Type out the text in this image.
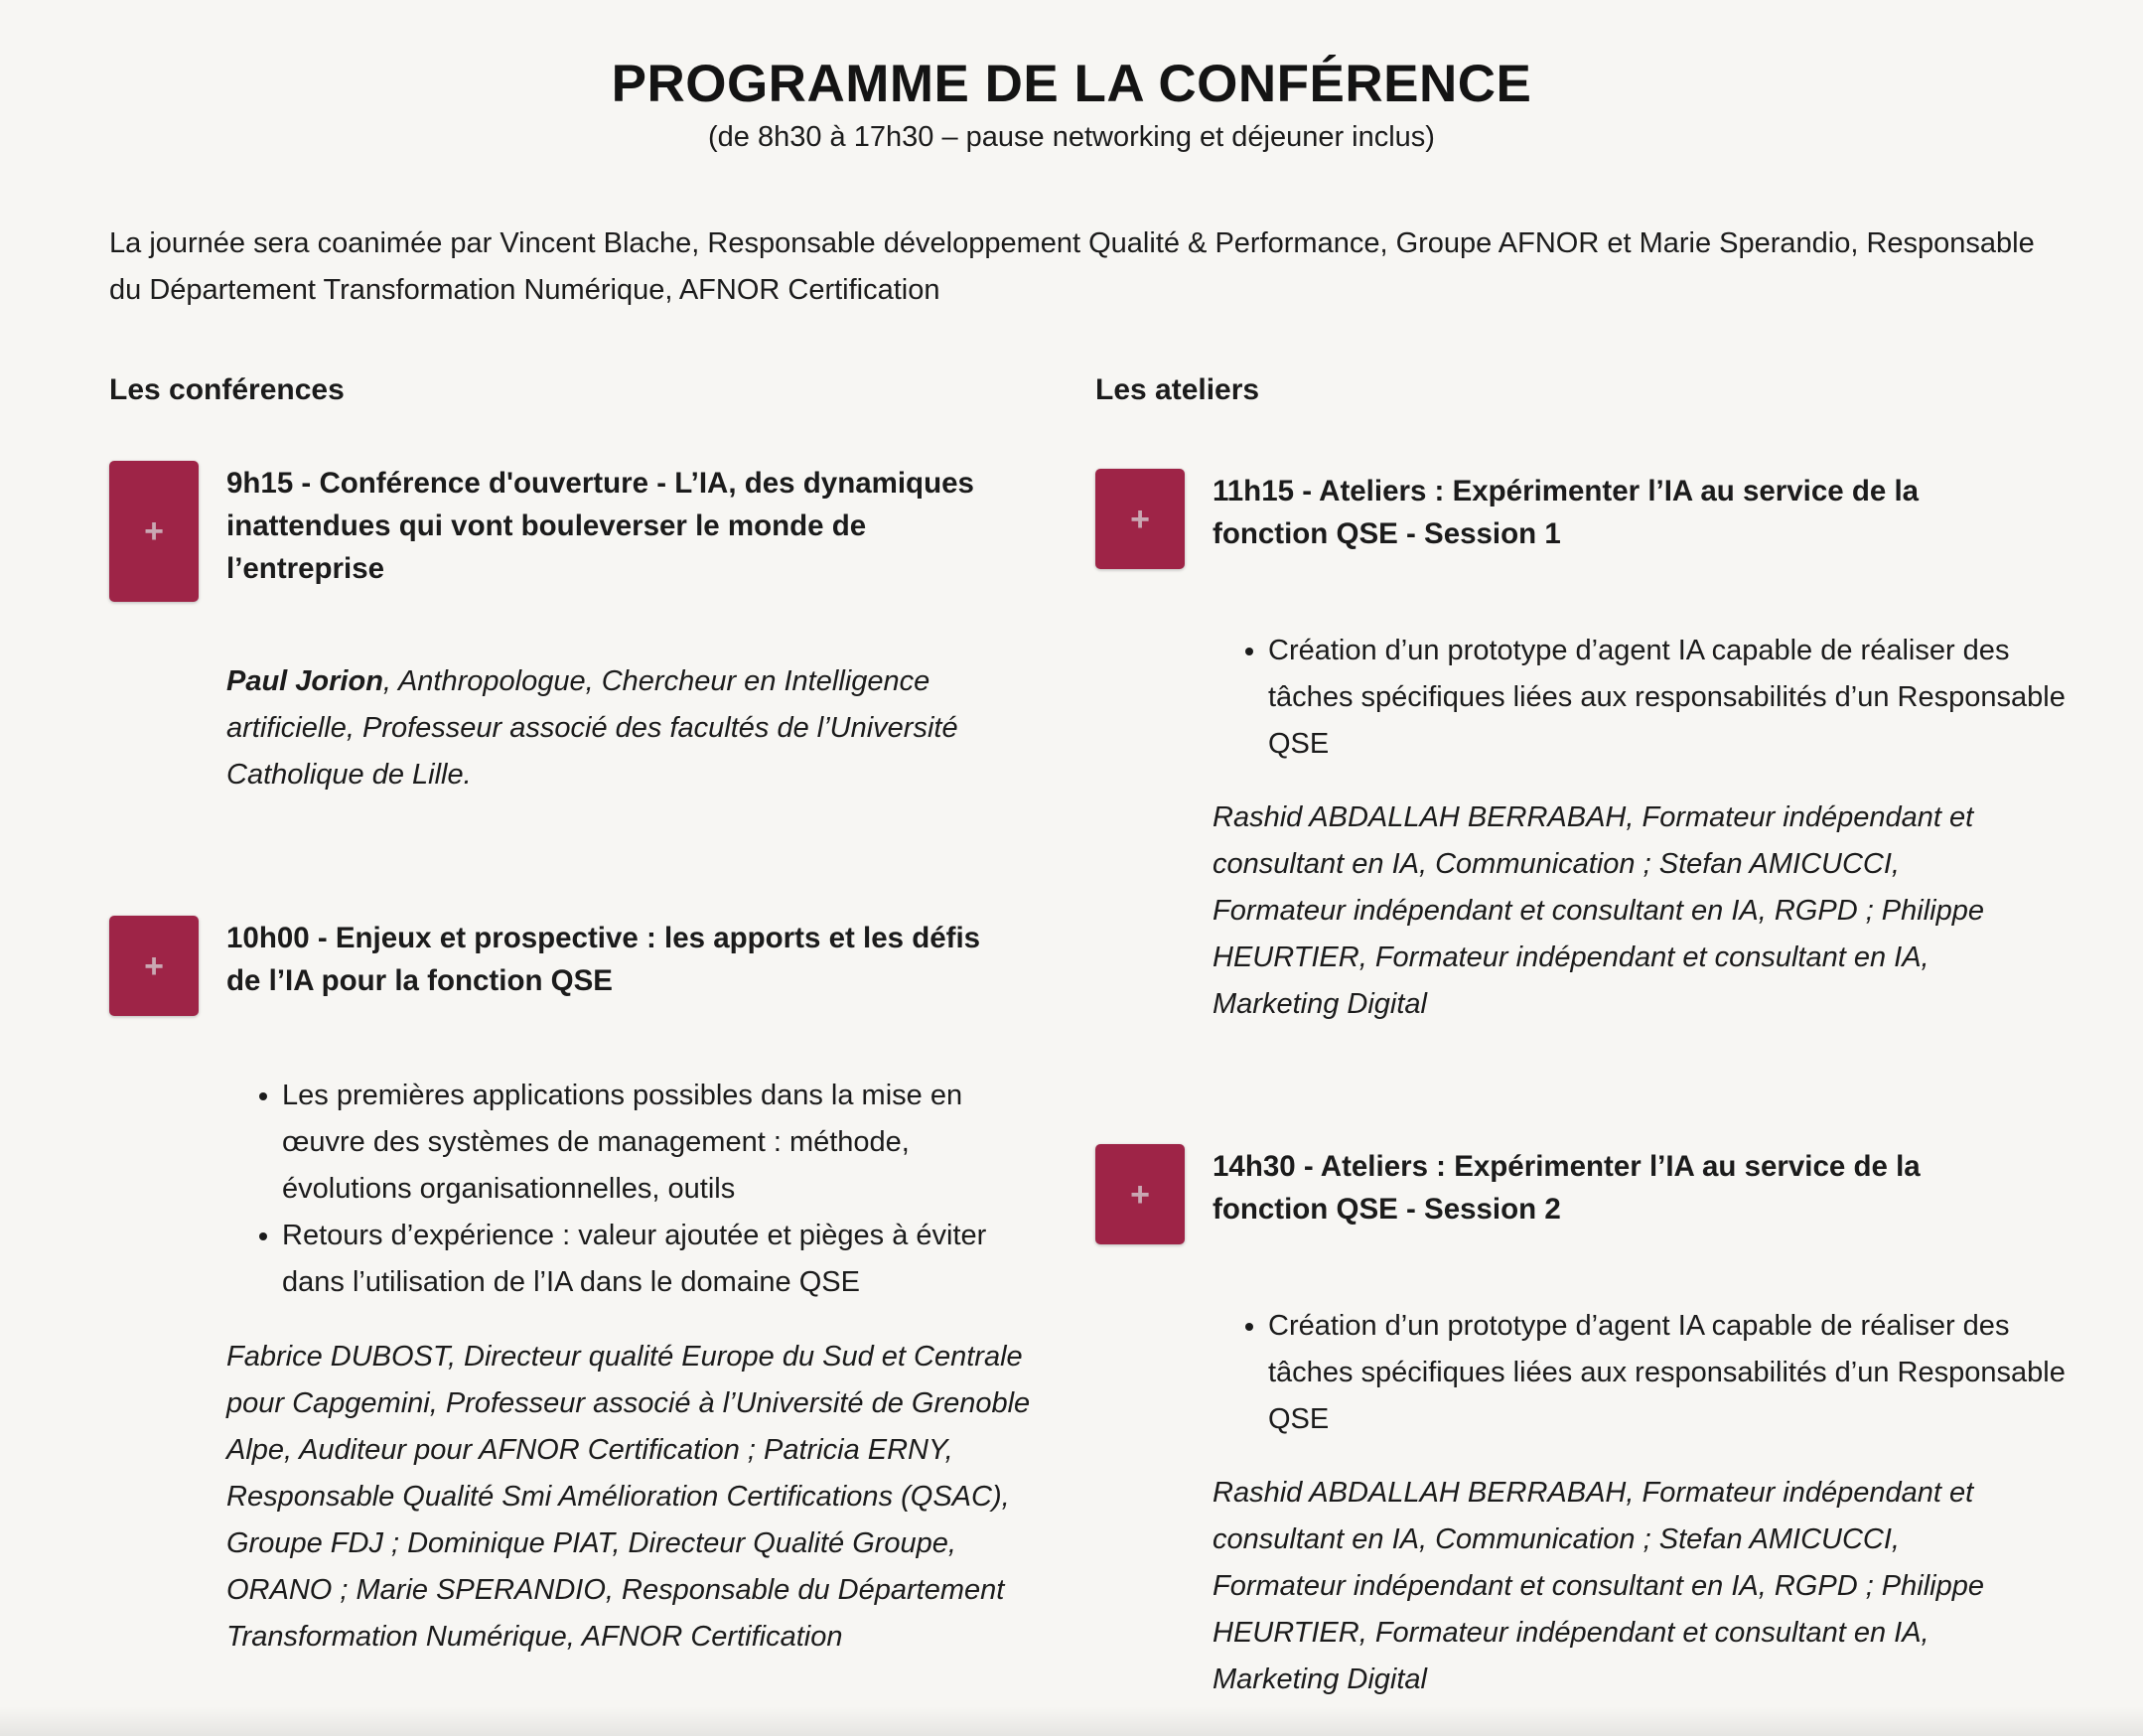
PROGRAMME DE LA CONFÉRENCE

(de 8h30 à 17h30 – pause networking et déjeuner inclus)

La journée sera coanimée par Vincent Blache, Responsable développement Qualité & Performance, Groupe AFNOR et Marie Sperandio, Responsable du Département Transformation Numérique, AFNOR Certification

Les conférences
+

9h15 - Conférence d'ouverture - L’IA, des dynamiques inattendues qui vont bouleverser le monde de l’entreprise

Paul Jorion, Anthropologue, Chercheur en Intelligence artificielle, Professeur associé des facultés de l’Université Catholique de Lille.

+

10h00 - Enjeux et prospective : les apports et les défis de l’IA pour la fonction QSE

• Les premières applications possibles dans la mise en œuvre des systèmes de management : méthode, évolutions organisationnelles, outils
• Retours d’expérience : valeur ajoutée et pièges à éviter dans l’utilisation de l’IA dans le domaine QSE

Fabrice DUBOST, Directeur qualité Europe du Sud et Centrale pour Capgemini, Professeur associé à l’Université de Grenoble Alpe, Auditeur pour AFNOR Certification ; Patricia ERNY, Responsable Qualité Smi Amélioration Certifications (QSAC), Groupe FDJ ; Dominique PIAT, Directeur Qualité Groupe, ORANO ; Marie SPERANDIO, Responsable du Département Transformation Numérique, AFNOR Certification

Les ateliers
+

11h15 - Ateliers : Expérimenter l’IA au service de la fonction QSE - Session 1

• Création d’un prototype d’agent IA capable de réaliser des tâches spécifiques liées aux responsabilités d’un Responsable QSE

Rashid ABDALLAH BERRABAH, Formateur indépendant et consultant en IA, Communication ; Stefan AMICUCCI, Formateur indépendant et consultant en IA, RGPD ; Philippe HEURTIER, Formateur indépendant et consultant en IA, Marketing Digital

+

14h30 - Ateliers : Expérimenter l’IA au service de la fonction QSE - Session 2

• Création d’un prototype d’agent IA capable de réaliser des tâches spécifiques liées aux responsabilités d’un Responsable QSE

Rashid ABDALLAH BERRABAH, Formateur indépendant et consultant en IA, Communication ; Stefan AMICUCCI, Formateur indépendant et consultant en IA, RGPD ; Philippe HEURTIER, Formateur indépendant et consultant en IA, Marketing Digital
